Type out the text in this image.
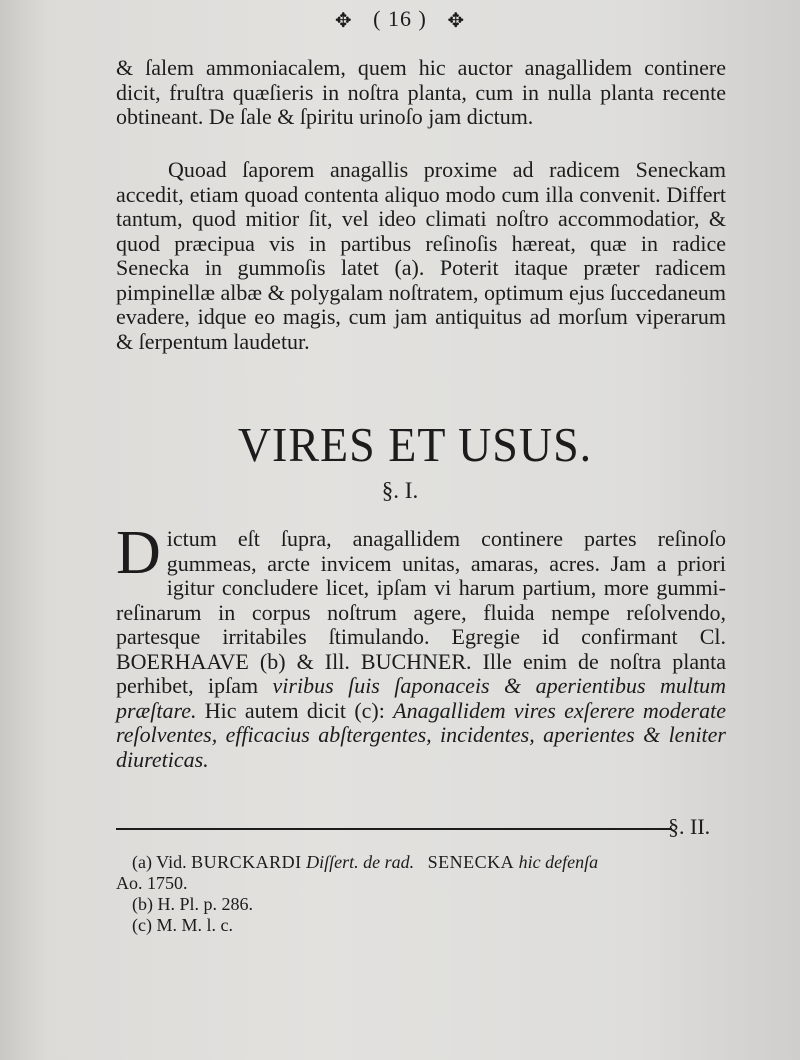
✥ ( 16 ) ✥
& ſalem ammoniacalem, quem hic auctor anagallidem continere dicit, fruſtra quæſieris in noſtra planta, cum in nulla planta recente obtineant. De ſale & ſpiritu urinoſo jam dictum.
Quoad ſaporem anagallis proxime ad radicem Seneckam accedit, etiam quoad contenta aliquo modo cum illa convenit. Differt tantum, quod mitior ſit, vel ideo climati noſtro accommodatior, & quod præcipua vis in partibus reſinoſis hæreat, quæ in radice Senecka in gummoſis latet (a). Poterit itaque præter radicem pimpinellæ albæ & polygalam noſtratem, optimum ejus ſuccedaneum evadere, idque eo magis, cum jam antiquitus ad morſum viperarum & ſerpentum laudetur.
VIRES ET USUS.
§. I.
Dictum eſt ſupra, anagallidem continere partes reſinoſo gummeas, arcte invicem unitas, amaras, acres. Jam a priori igitur concludere licet, ipſam vi harum partium, more gummi-reſinarum in corpus noſtrum agere, fluida nempe reſolvendo, partesque irritabiles ſtimulando. Egregie id confirmant Cl. BOERHAAVE (b) & Ill. BUCHNER. Ille enim de noſtra planta perhibet, ipſam viribus ſuis ſaponaceis & aperientibus multum præſtare. Hic autem dicit (c): Anagallidem vires exſerere moderate reſolventes, efficacius abſtergentes, incidentes, aperientes & leniter diureticas.
§. II.
(a) Vid. BURCKARDI Diſſert. de rad. SENECKA hic defenſa
Ao. 1750.
(b) H. Pl. p. 286.
(c) M. M. l. c.
